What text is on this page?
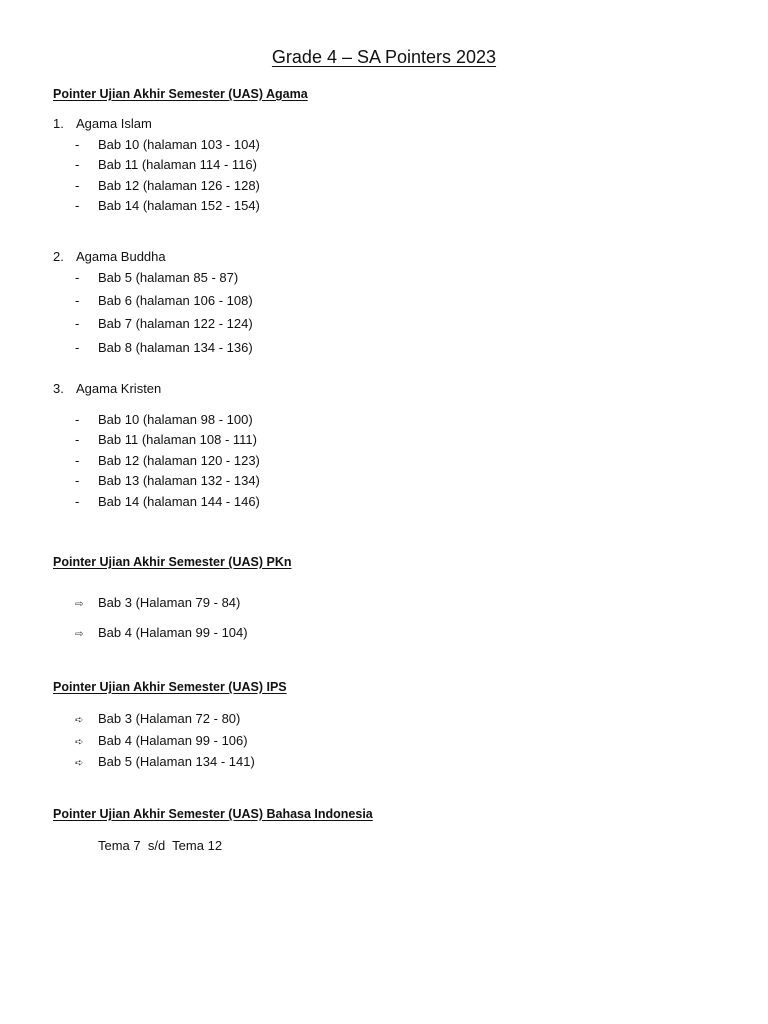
Grade 4 – SA Pointers 2023
Pointer Ujian Akhir Semester (UAS) Agama
1. Agama Islam
- Bab 10 (halaman 103 - 104)
- Bab 11 (halaman 114 - 116)
- Bab 12 (halaman 126 - 128)
- Bab 14 (halaman 152 - 154)
2. Agama Buddha
- Bab 5 (halaman 85 - 87)
- Bab 6 (halaman 106 - 108)
- Bab 7 (halaman 122 - 124)
- Bab 8 (halaman 134 - 136)
3. Agama Kristen
- Bab 10 (halaman 98 - 100)
- Bab 11 (halaman 108 - 111)
- Bab 12 (halaman 120 - 123)
- Bab 13 (halaman 132 - 134)
- Bab 14 (halaman 144 - 146)
Pointer Ujian Akhir Semester (UAS) PKn
⇨ Bab 3 (Halaman 79 - 84)
⇨ Bab 4 (Halaman 99 - 104)
Pointer Ujian Akhir Semester (UAS) IPS
➪ Bab 3 (Halaman 72 - 80)
➪ Bab 4 (Halaman 99 - 106)
➪ Bab 5 (Halaman 134 - 141)
Pointer Ujian Akhir Semester (UAS) Bahasa Indonesia
Tema 7  s/d  Tema 12
